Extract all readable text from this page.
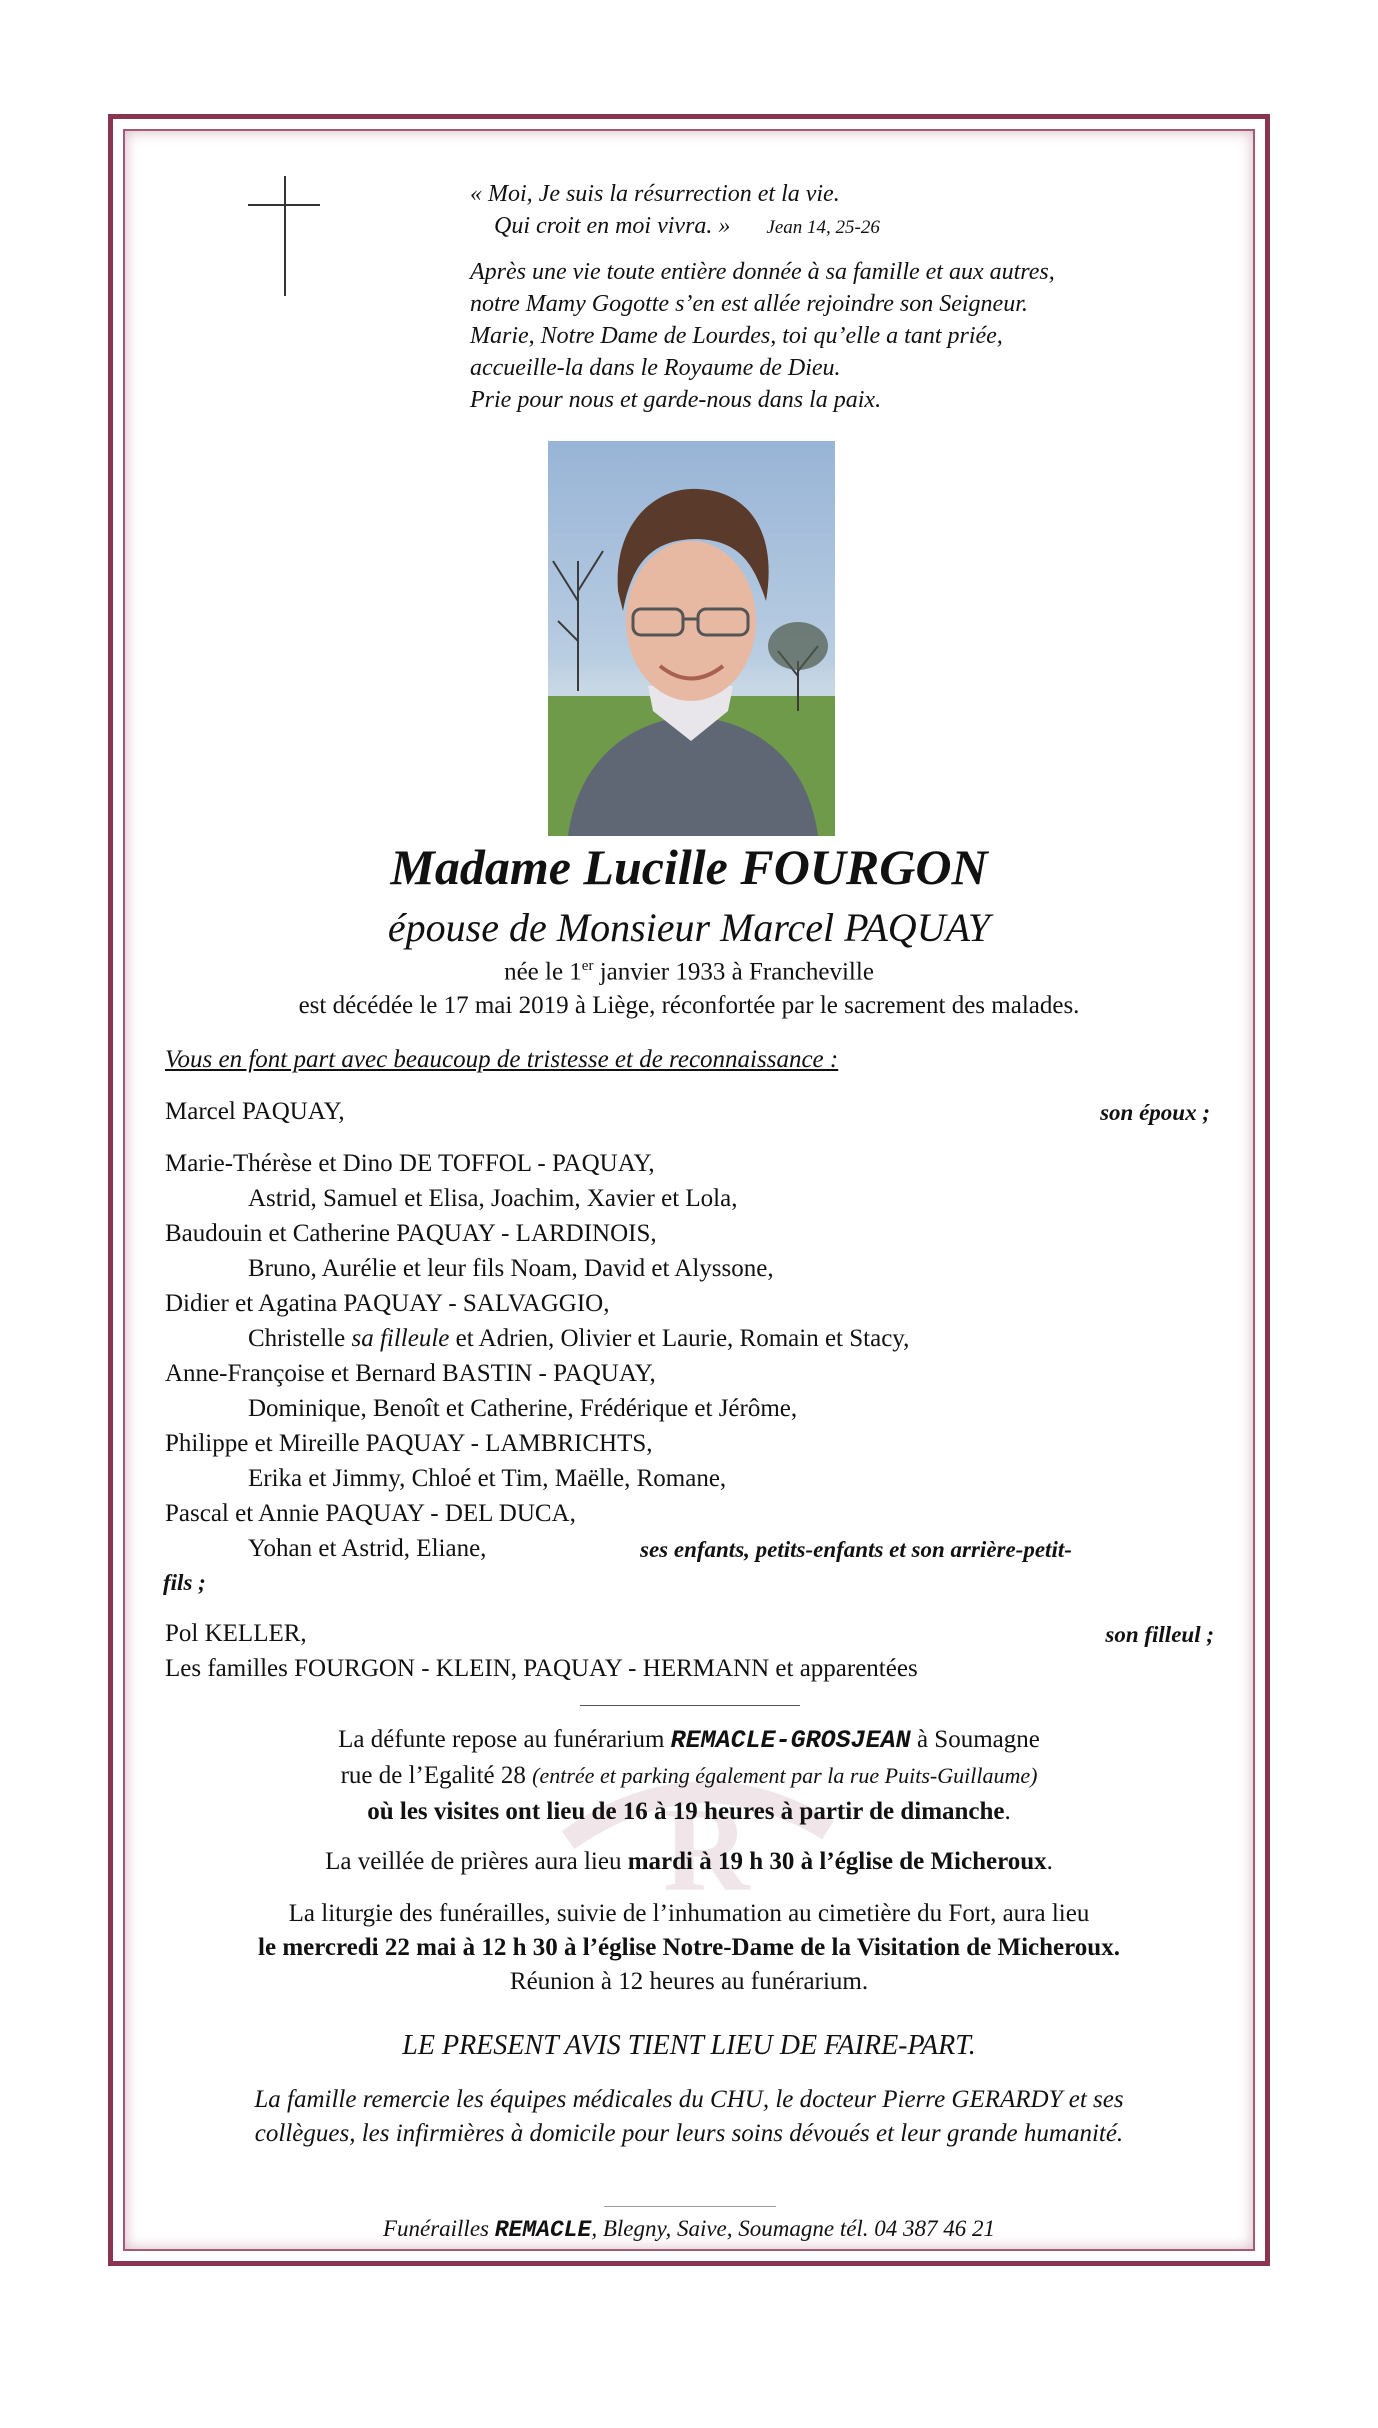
« Moi, Je suis la résurrection et la vie.

Qui croit en moi vivra. » Jean 14, 25-26

Après une vie toute entière donnée à sa famille et aux autres,
notre Mamy Gogotte s’en est allée rejoindre son Seigneur.
Marie, Notre Dame de Lourdes, toi qu’elle a tant priée,
accueille-la dans le Royaume de Dieu.
Prie pour nous et garde-nous dans la paix.

Madame Lucille FOURGON

épouse de Monsieur Marcel PAQUAY

née le 1er janvier 1933 à Francheville

est décédée le 17 mai 2019 à Liège, réconfortée par le sacrement des malades.

Vous en font part avec beaucoup de tristesse et de reconnaissance :

Marcel PAQUAY,	son époux ;

Marie-Thérèse et Dino DE TOFFOL - PAQUAY,

Astrid, Samuel et Elisa, Joachim, Xavier et Lola,

Baudouin et Catherine PAQUAY - LARDINOIS,

Bruno, Aurélie et leur fils Noam, David et Alyssone,

Didier et Agatina PAQUAY - SALVAGGIO,

Christelle sa filleule et Adrien, Olivier et Laurie, Romain et Stacy,

Anne-Françoise et Bernard BASTIN - PAQUAY,

Dominique, Benoît et Catherine, Frédérique et Jérôme,

Philippe et Mireille PAQUAY - LAMBRICHTS,

Erika et Jimmy, Chloé et Tim, Maëlle, Romane,

Pascal et Annie PAQUAY - DEL DUCA,

Yohan et Astrid, Eliane,	ses enfants, petits-enfants et son arrière-petit-

fils ;

Pol KELLER,	son filleul ;

Les familles FOURGON - KLEIN, PAQUAY - HERMANN et apparentées

R

La défunte repose au funérarium REMACLE-GROSJEAN à Soumagne

rue de l’Egalité 28 (entrée et parking également par la rue Puits-Guillaume)

où les visites ont lieu de 16 à 19 heures à partir de dimanche.

La veillée de prières aura lieu mardi à 19 h 30 à l’église de Micheroux.

La liturgie des funérailles, suivie de l’inhumation au cimetière du Fort, aura lieu

le mercredi 22 mai à 12 h 30 à l’église Notre-Dame de la Visitation de Micheroux.

Réunion à 12 heures au funérarium.

LE PRESENT AVIS TIENT LIEU DE FAIRE-PART.

La famille remercie les équipes médicales du CHU, le docteur Pierre GERARDY et ses

collègues, les infirmières à domicile pour leurs soins dévoués et leur grande humanité.

Funérailles REMACLE, Blegny, Saive, Soumagne tél. 04 387 46 21
